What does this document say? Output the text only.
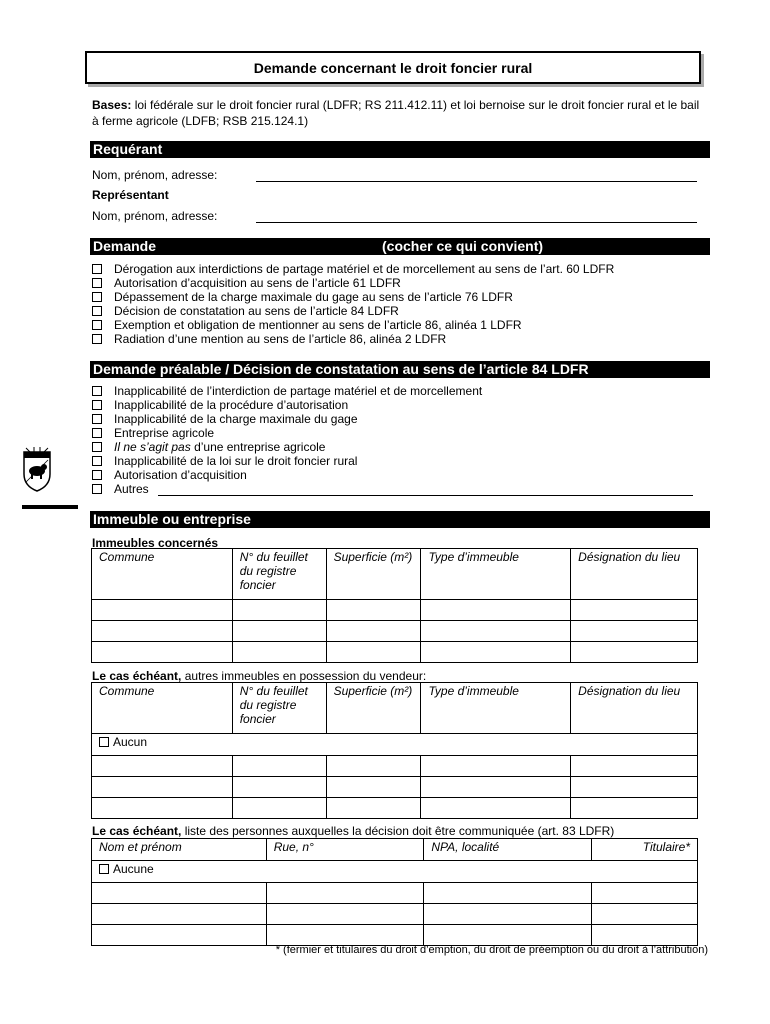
Demande concernant le droit foncier rural
Bases: loi fédérale sur le droit foncier rural (LDFR; RS 211.412.11) et loi bernoise sur le droit foncier rural et le bail à ferme agricole (LDFB; RSB 215.124.1)
Requérant
Nom, prénom, adresse:
Représentant
Nom, prénom, adresse:
Demande	(cocher ce qui convient)
Dérogation aux interdictions de partage matériel et de morcellement au sens de l’art. 60 LDFR
Autorisation d’acquisition au sens de l’article 61 LDFR
Dépassement de la charge maximale du gage au sens de l’article 76 LDFR
Décision de constatation au sens de l’article 84 LDFR
Exemption et obligation de mentionner au sens de l’article 86, alinéa 1 LDFR
Radiation d’une mention au sens de l’article 86, alinéa 2 LDFR
Demande préalable / Décision de constatation au sens de l’article 84 LDFR
Inapplicabilité de l’interdiction de partage matériel et de morcellement
Inapplicabilité de la procédure d’autorisation
Inapplicabilité de la charge maximale du gage
Entreprise agricole
Il ne s’agit pas d’une entreprise agricole
Inapplicabilité de la loi sur le droit foncier rural
Autorisation d’acquisition
Autres
Immeuble ou entreprise
Immeubles concernés
Commune	N° du feuillet du registre foncier	Superficie (m²)	Type d’immeuble	Désignation du lieu

Le cas échéant, autres immeubles en possession du vendeur:
Commune	N° du feuillet du registre foncier	Superficie (m²)	Type d’immeuble	Désignation du lieu
Aucun				

Le cas échéant, liste des personnes auxquelles la décision doit être communiquée (art. 83 LDFR)
Nom et prénom	Rue, n°	NPA, localité	Titulaire*
Aucune			

* (fermier et titulaires du droit d’emption, du droit de préemption ou du droit à l’attribution)
